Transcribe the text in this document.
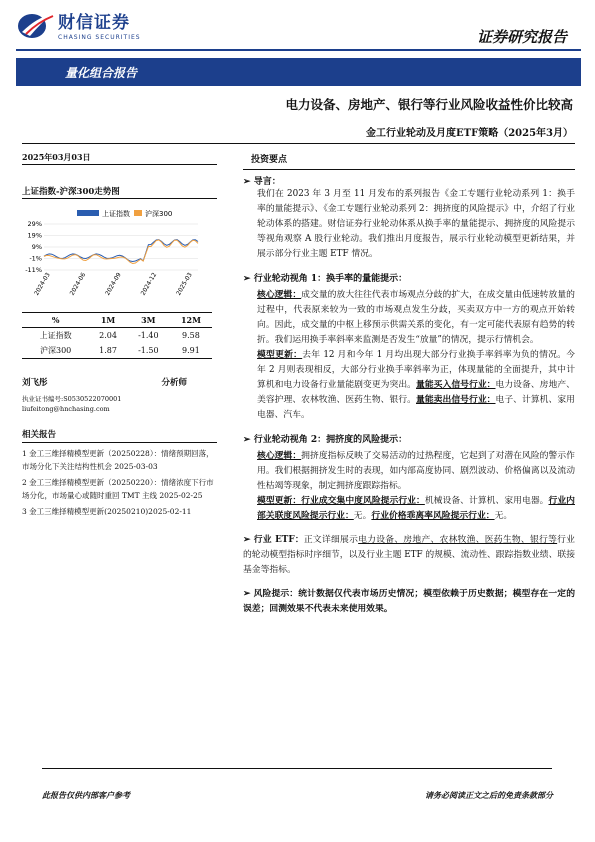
财信证券
CHASING SECURITIES	证券研究报告
量化组合报告
电力设备、房地产、银行等行业风险收益性价比较高
金工行业轮动及月度ETF策略（2025年3月）
2025年03月03日
上证指数-沪深300走势图
上证指数 沪深300
29%
19%
9%
-1%
-11%
2024-03	2024-06	2024-09	2024-12	2025-03
%	1M	3M	12M
上证指数	2.04	-1.40	9.58
沪深300	1.87	-1.50	9.91
刘飞彤	分析师
执业证书编号:S0530522070001
liufeitong@hnchasing.com
相关报告
1 金工三维择精模型更新（20250228）：情绪预期回落，市场分化下关注结构性机会 2025-03-03
2 金工三维择精模型更新（20250220）：情绪浓度下行市场分化，市场量心或随时重回 TMT 主线 2025-02-25
3 金工三维择精模型更新(20250210)2025-02-11
投资要点
➢ 导言：
我们在 2023 年 3 月至 11 月发布的系列报告《金工专题行业轮动系列 1：换手率的量能提示》、《金工专题行业轮动系列 2：拥挤度的风险提示》中，介绍了行业轮动体系的搭建。财信证券行业轮动体系从换手率的量能提示、拥挤度的风险提示等视角观察 A 股行业轮动。我们推出月度报告，展示行业轮动模型更新结果，并展示部分行业主题 ETF 情况。
➢ 行业轮动视角 1：换手率的量能提示：
核心逻辑：成交量的放大往往代表市场观点分歧的扩大，在成交量由低速转放量的过程中，代表原来较为一致的市场观点发生分歧，买卖双方中一方的观点开始转向。因此，成交量的中枢上移预示供需关系的变化，有一定可能代表原有趋势的转折。我们运用换手率斜率来监测是否发生“放量”的情况，提示行情机会。
模型更新：去年 12 月和今年 1 月均出现大部分行业换手率斜率为负的情况。今年 2 月则表现相反，大部分行业换手率斜率为正，体现量能的全面提升，其中计算机和电力设备行业量能剧变更为突出。量能买入信号行业：电力设备、房地产、美容护理、农林牧渔、医药生物、银行。量能卖出信号行业：电子、计算机、家用电器、汽车。
➢ 行业轮动视角 2：拥挤度的风险提示：
核心逻辑：拥挤度指标反映了交易活动的过热程度，它起到了对潜在风险的警示作用。我们根据拥挤发生时的表现，如内部高度协同、剧烈波动、价格偏离以及流动性枯竭等现象，制定拥挤度跟踪指标。
模型更新：行业成交集中度风险提示行业：机械设备、计算机、家用电器。行业内部关联度风险提示行业：无。行业价格乖离率风险提示行业：无。
➢ 行业 ETF：正文详细展示电力设备、房地产、农林牧渔、医药生物、银行等行业的轮动模型指标时序细节，以及行业主题 ETF 的规模、流动性、跟踪指数业绩、联接基金等指标。
➢ 风险提示：统计数据仅代表市场历史情况；模型依赖于历史数据；模型存在一定的误差；回测效果不代表未来使用效果。
此报告仅供内部客户参考	请务必阅读正文之后的免责条款部分
